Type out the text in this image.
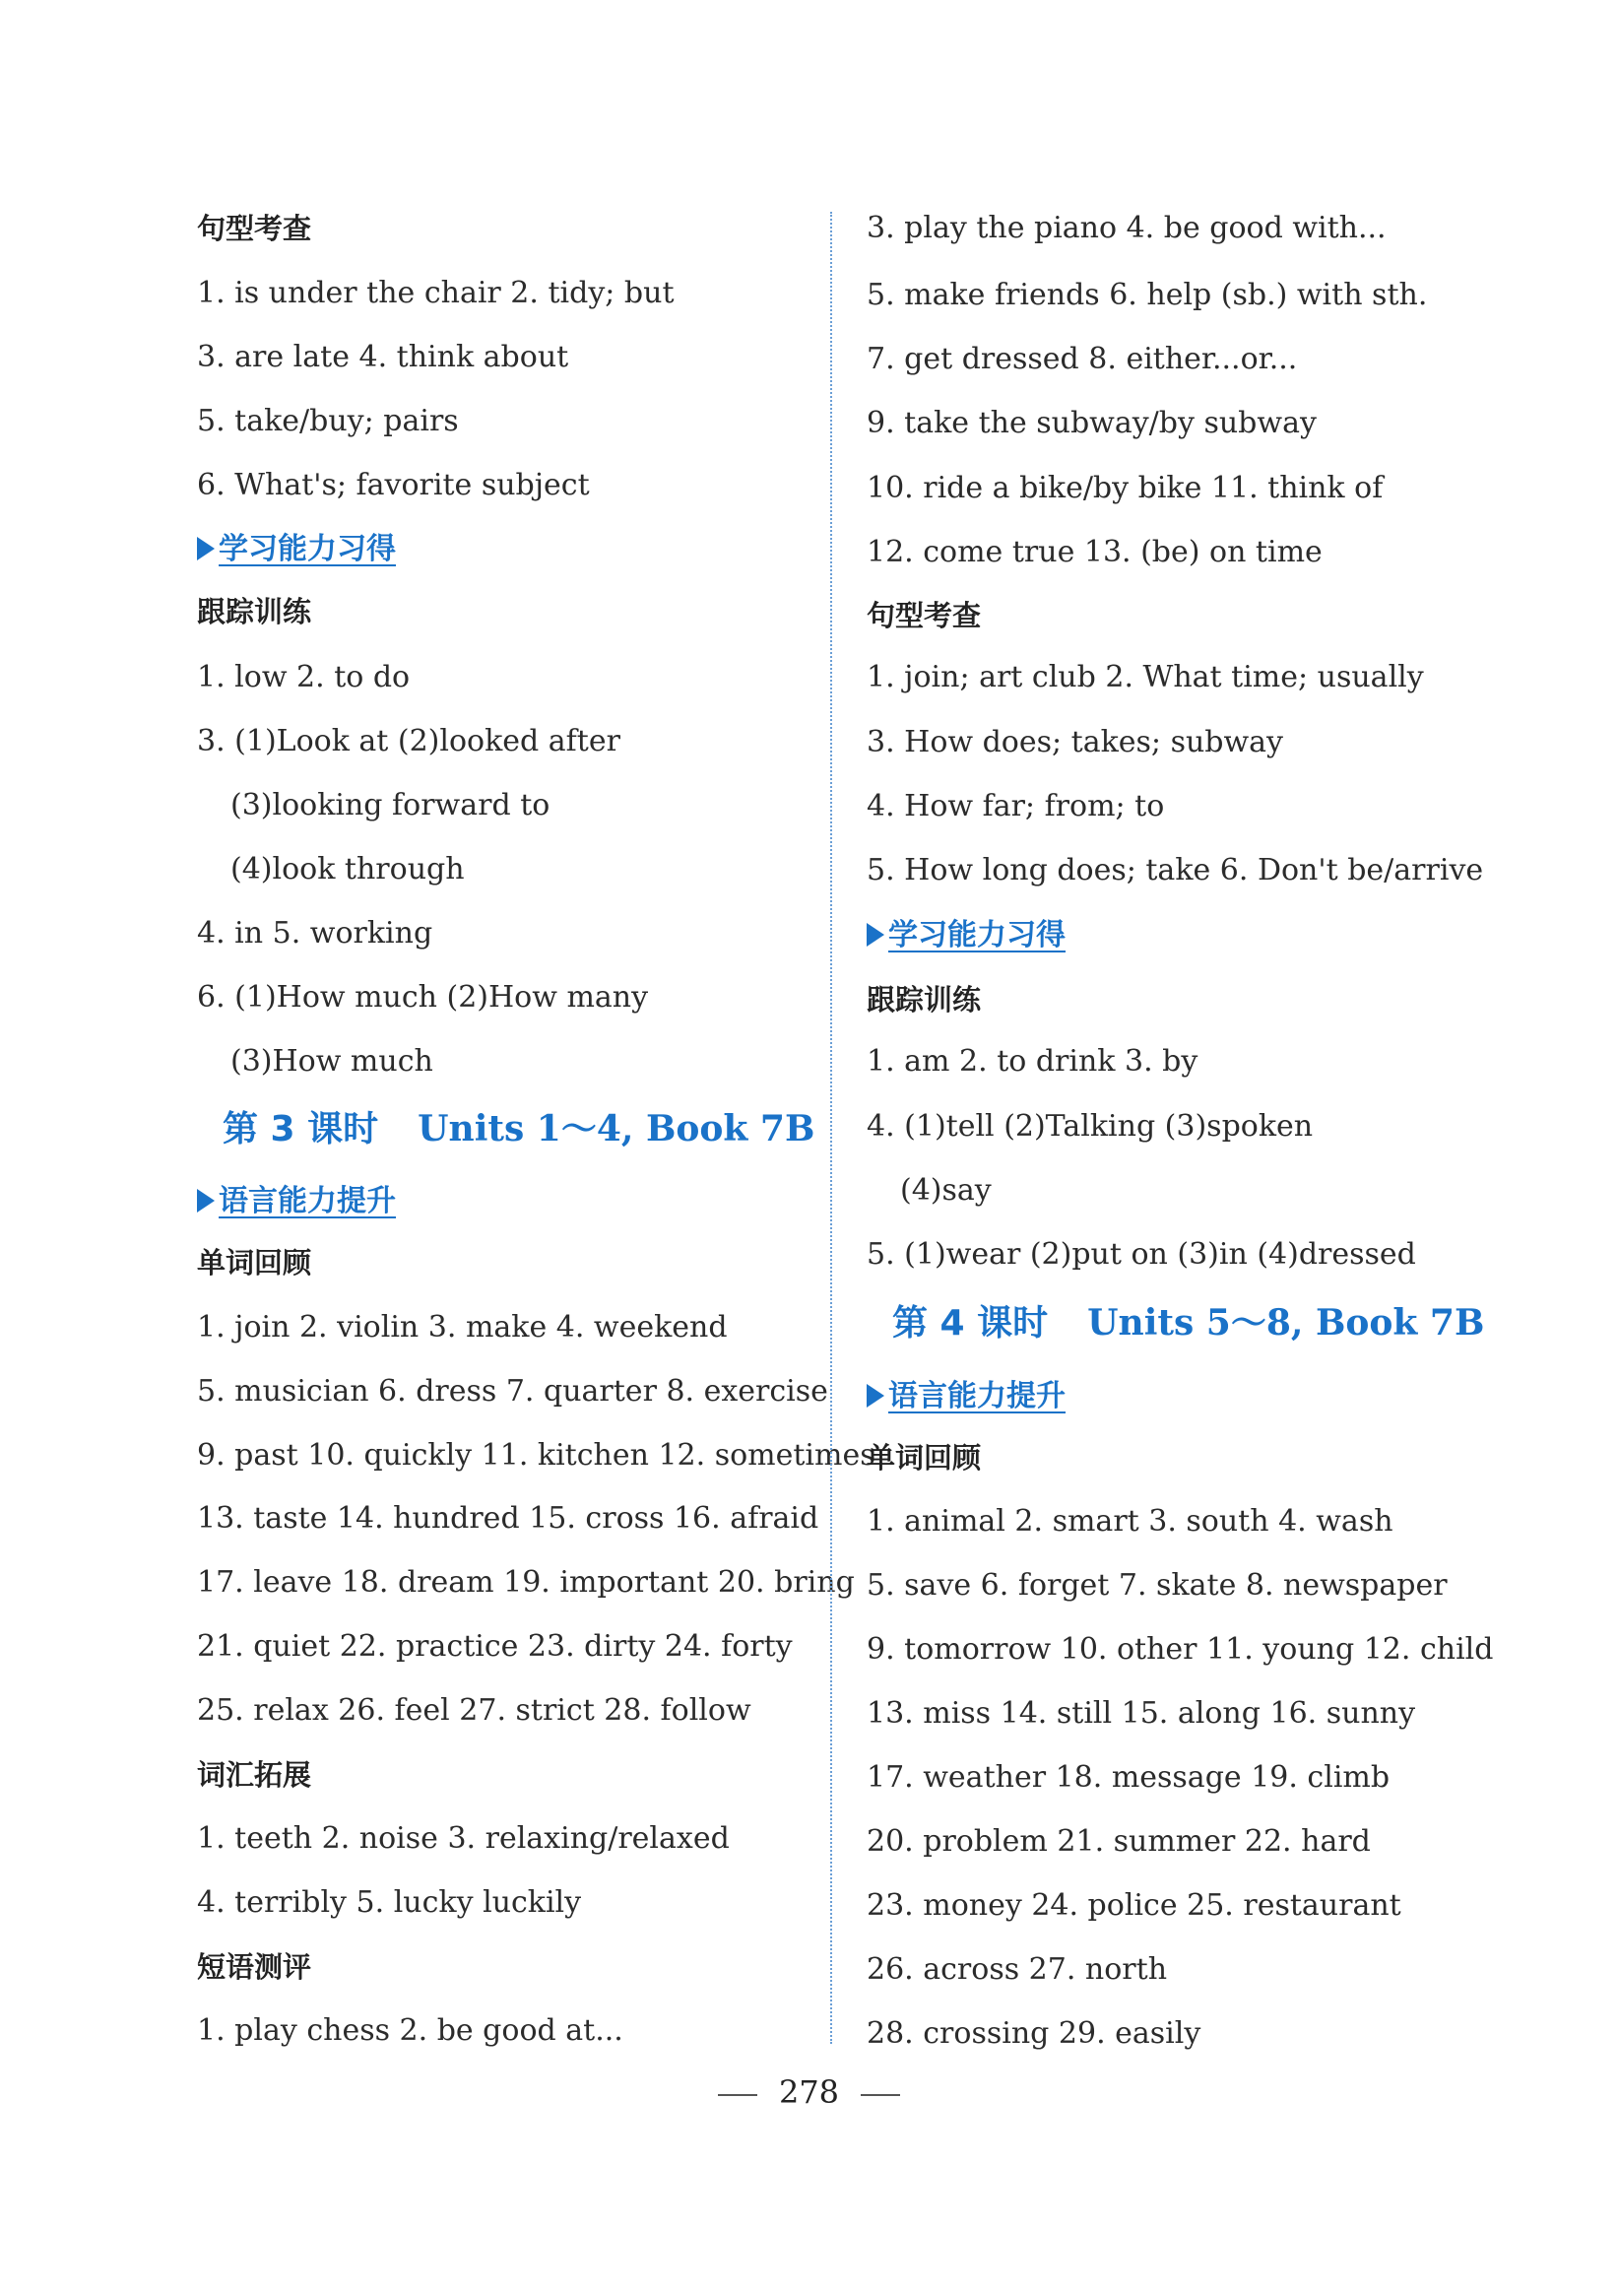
句型考查
1. is under the chair 2. tidy; but
3. are late 4. think about
5. take/buy; pairs
6. What's; favorite subject
学习能力习得
跟踪训练
1. low 2. to do
3. (1)Look at (2)looked after
(3)looking forward to
(4)look through
4. in 5. working
6. (1)How much (2)How many
(3)How much
第 3 课时 Units 1～4, Book 7B
语言能力提升
单词回顾
1. join 2. violin 3. make 4. weekend
5. musician 6. dress 7. quarter 8. exercise
9. past 10. quickly 11. kitchen 12. sometimes
13. taste 14. hundred 15. cross 16. afraid
17. leave 18. dream 19. important 20. bring
21. quiet 22. practice 23. dirty 24. forty
25. relax 26. feel 27. strict 28. follow
词汇拓展
1. teeth 2. noise 3. relaxing/relaxed
4. terribly 5. lucky luckily
短语测评
1. play chess 2. be good at...
3. play the piano 4. be good with...
5. make friends 6. help (sb.) with sth.
7. get dressed 8. either...or...
9. take the subway/by subway
10. ride a bike/by bike 11. think of
12. come true 13. (be) on time
句型考查
1. join; art club 2. What time; usually
3. How does; takes; subway
4. How far; from; to
5. How long does; take 6. Don't be/arrive
学习能力习得
跟踪训练
1. am 2. to drink 3. by
4. (1)tell (2)Talking (3)spoken
(4)say
5. (1)wear (2)put on (3)in (4)dressed
第 4 课时 Units 5～8, Book 7B
语言能力提升
单词回顾
1. animal 2. smart 3. south 4. wash
5. save 6. forget 7. skate 8. newspaper
9. tomorrow 10. other 11. young 12. child
13. miss 14. still 15. along 16. sunny
17. weather 18. message 19. climb
20. problem 21. summer 22. hard
23. money 24. police 25. restaurant
26. across 27. north
28. crossing 29. easily
278
